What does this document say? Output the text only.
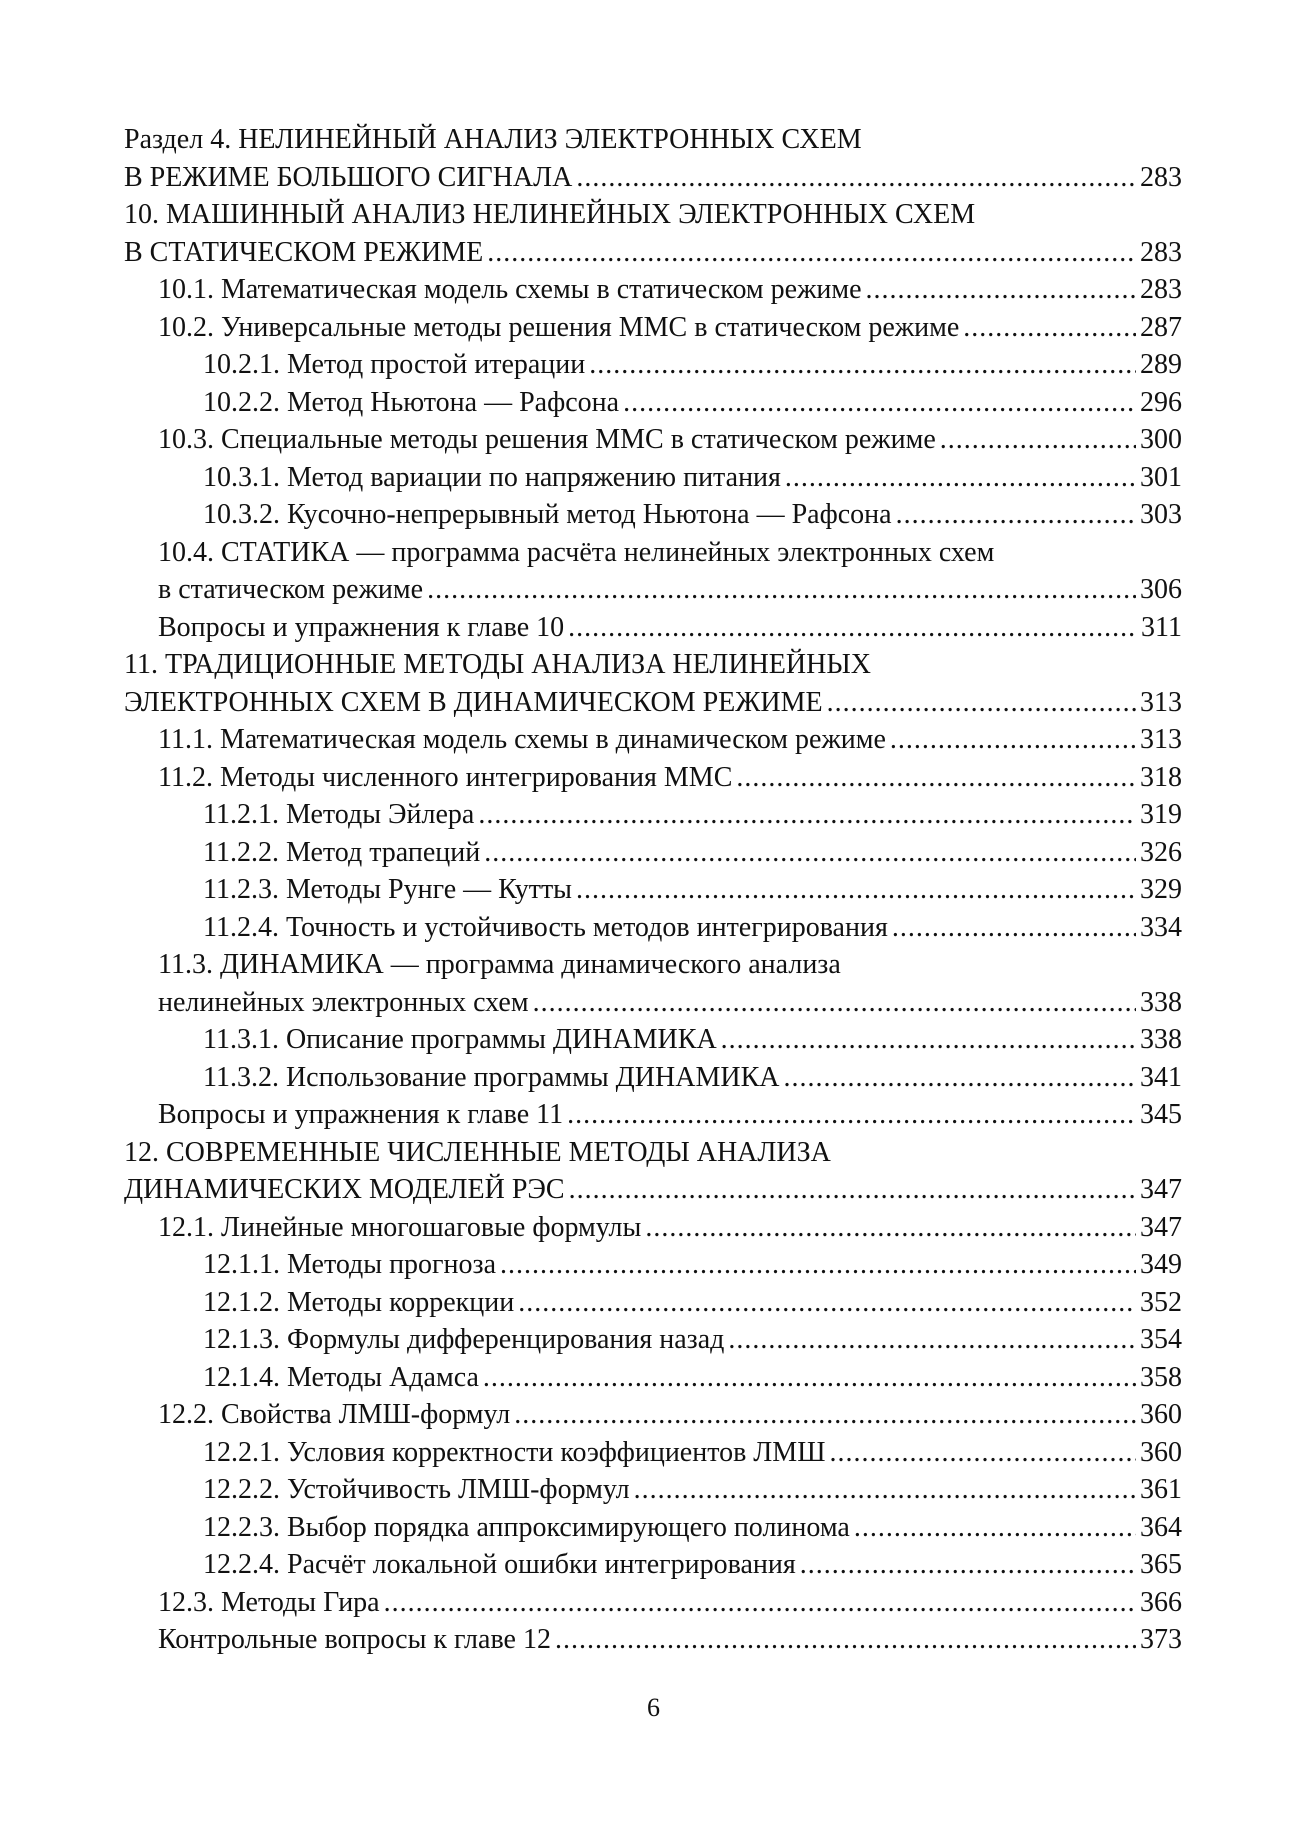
Раздел 4. НЕЛИНЕЙНЫЙ АНАЛИЗ ЭЛЕКТРОННЫХ СХЕМ
В РЕЖИМЕ БОЛЬШОГО СИГНАЛА .....	283
10. МАШИННЫЙ АНАЛИЗ НЕЛИНЕЙНЫХ ЭЛЕКТРОННЫХ СХЕМ
В СТАТИЧЕСКОМ РЕЖИМЕ .....	283
10.1. Математическая модель схемы в статическом режиме .....	283
10.2. Универсальные методы решения ММС в статическом режиме .....	287
10.2.1. Метод простой итерации .....	289
10.2.2. Метод Ньютона — Рафсона .....	296
10.3. Специальные методы решения ММС в статическом режиме .....	300
10.3.1. Метод вариации по напряжению питания .....	301
10.3.2. Кусочно-непрерывный метод Ньютона — Рафсона .....	303
10.4. СТАТИКА — программа расчёта нелинейных электронных схем
в статическом режиме .....	306
Вопросы и упражнения к главе 10 .....	311
11. ТРАДИЦИОННЫЕ МЕТОДЫ АНАЛИЗА НЕЛИНЕЙНЫХ
ЭЛЕКТРОННЫХ СХЕМ В ДИНАМИЧЕСКОМ РЕЖИМЕ .....	313
11.1. Математическая модель схемы в динамическом режиме .....	313
11.2. Методы численного интегрирования ММС .....	318
11.2.1. Методы Эйлера .....	319
11.2.2. Метод трапеций .....	326
11.2.3. Методы Рунге — Кутты .....	329
11.2.4. Точность и устойчивость методов интегрирования .....	334
11.3. ДИНАМИКА — программа динамического анализа
нелинейных электронных схем .....	338
11.3.1. Описание программы ДИНАМИКА .....	338
11.3.2. Использование программы ДИНАМИКА .....	341
Вопросы и упражнения к главе 11 .....	345
12. СОВРЕМЕННЫЕ ЧИСЛЕННЫЕ МЕТОДЫ АНАЛИЗА
ДИНАМИЧЕСКИХ МОДЕЛЕЙ РЭС .....	347
12.1. Линейные многошаговые формулы .....	347
12.1.1. Методы прогноза .....	349
12.1.2. Методы коррекции .....	352
12.1.3. Формулы дифференцирования назад .....	354
12.1.4. Методы Адамса .....	358
12.2. Свойства ЛМШ-формул .....	360
12.2.1. Условия корректности коэффициентов ЛМШ .....	360
12.2.2. Устойчивость ЛМШ-формул .....	361
12.2.3. Выбор порядка аппроксимирующего полинома .....	364
12.2.4. Расчёт локальной ошибки интегрирования .....	365
12.3. Методы Гира .....	366
Контрольные вопросы к главе 12 .....	373
6
